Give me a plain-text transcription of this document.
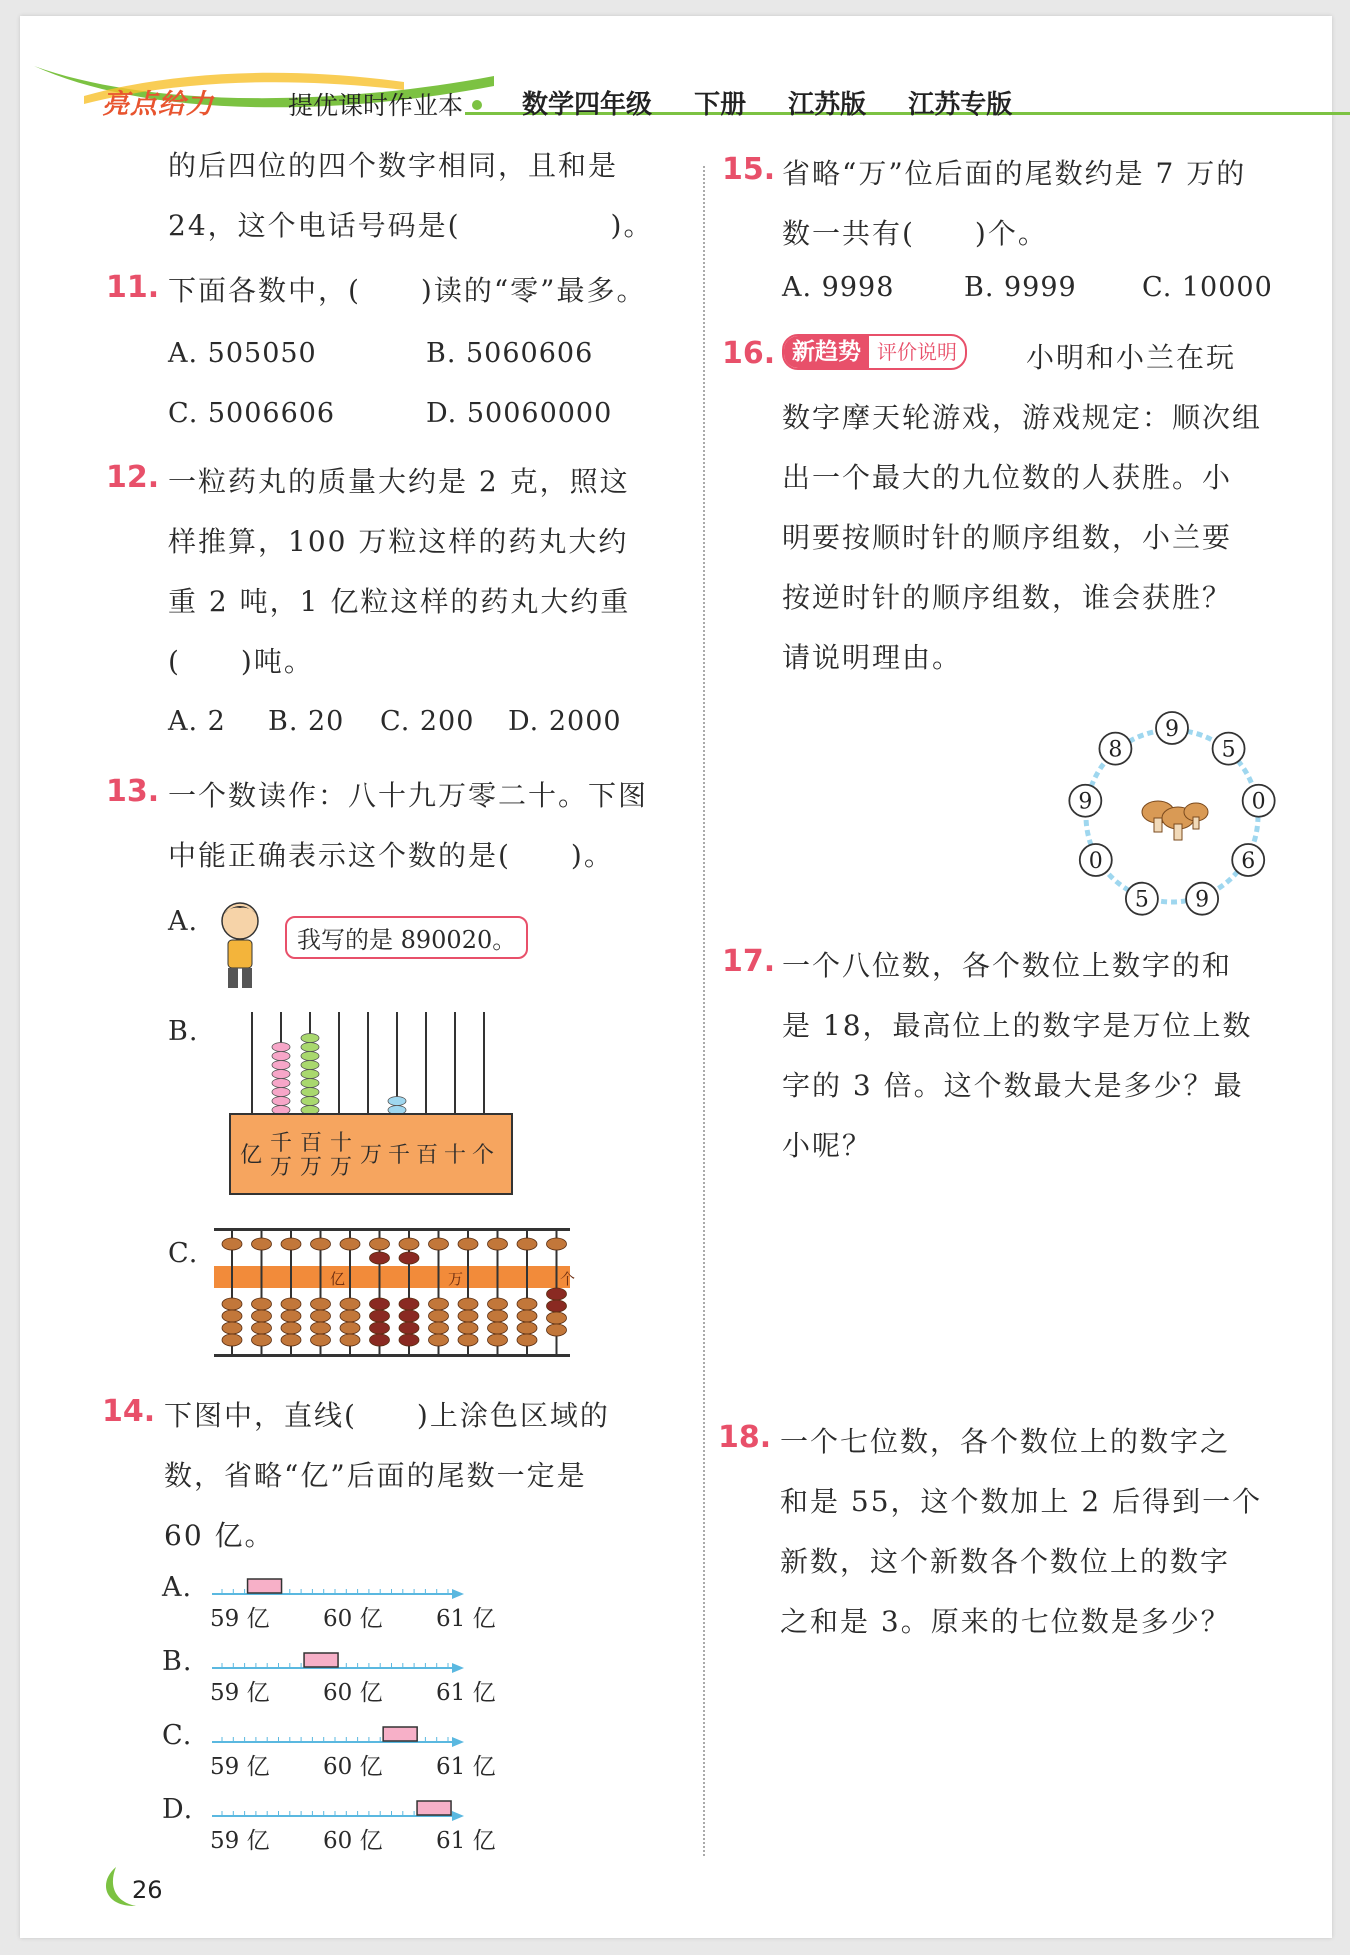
亮点给力	提优课时作业本 数学四年级 下册 江苏版 江苏专版
的后四位的四个数字相同，且和是
24，这个电话号码是(　　　　　)。
11. 下面各数中，(　　)读的“零”最多。
A. 505050	B. 5060606
C. 5006606	D. 50060000
12. 一粒药丸的质量大约是 2 克，照这
样推算，100 万粒这样的药丸大约
重 2 吨，1 亿粒这样的药丸大约重
(　　)吨。
A. 2 B. 20 C. 200 D. 2000
13. 一个数读作：八十九万零二十。下图
中能正确表示这个数的是(　　)。
A.
我写的是 890020。
B.
亿 千 百 十
万 万 万 万千百十个
C.
亿	万	个
14. 下图中，直线(　　)上涂色区域的
数，省略“亿”后面的尾数一定是
60 亿。
A.
59 亿 60 亿 61 亿
B.
59 亿 60 亿 61 亿
C.
59 亿 60 亿 61 亿
D.
59 亿 60 亿 61 亿
26
15. 省略“万”位后面的尾数约是 7 万的
数一共有(　　)个。
A. 9998	B. 9999 C. 10000
16. 新趋势 评价说明	小明和小兰在玩
数字摩天轮游戏，游戏规定：顺次组
出一个最大的九位数的人获胜。小
明要按顺时针的顺序组数，小兰要
按逆时针的顺序组数，谁会获胜？
请说明理由。
9
5
0
6
9
5
0
9
8
17. 一个八位数，各个数位上数字的和
是 18，最高位上的数字是万位上数
字的 3 倍。这个数最大是多少？最
小呢？
18. 一个七位数，各个数位上的数字之
和是 55，这个数加上 2 后得到一个
新数，这个新数各个数位上的数字
之和是 3。原来的七位数是多少？
